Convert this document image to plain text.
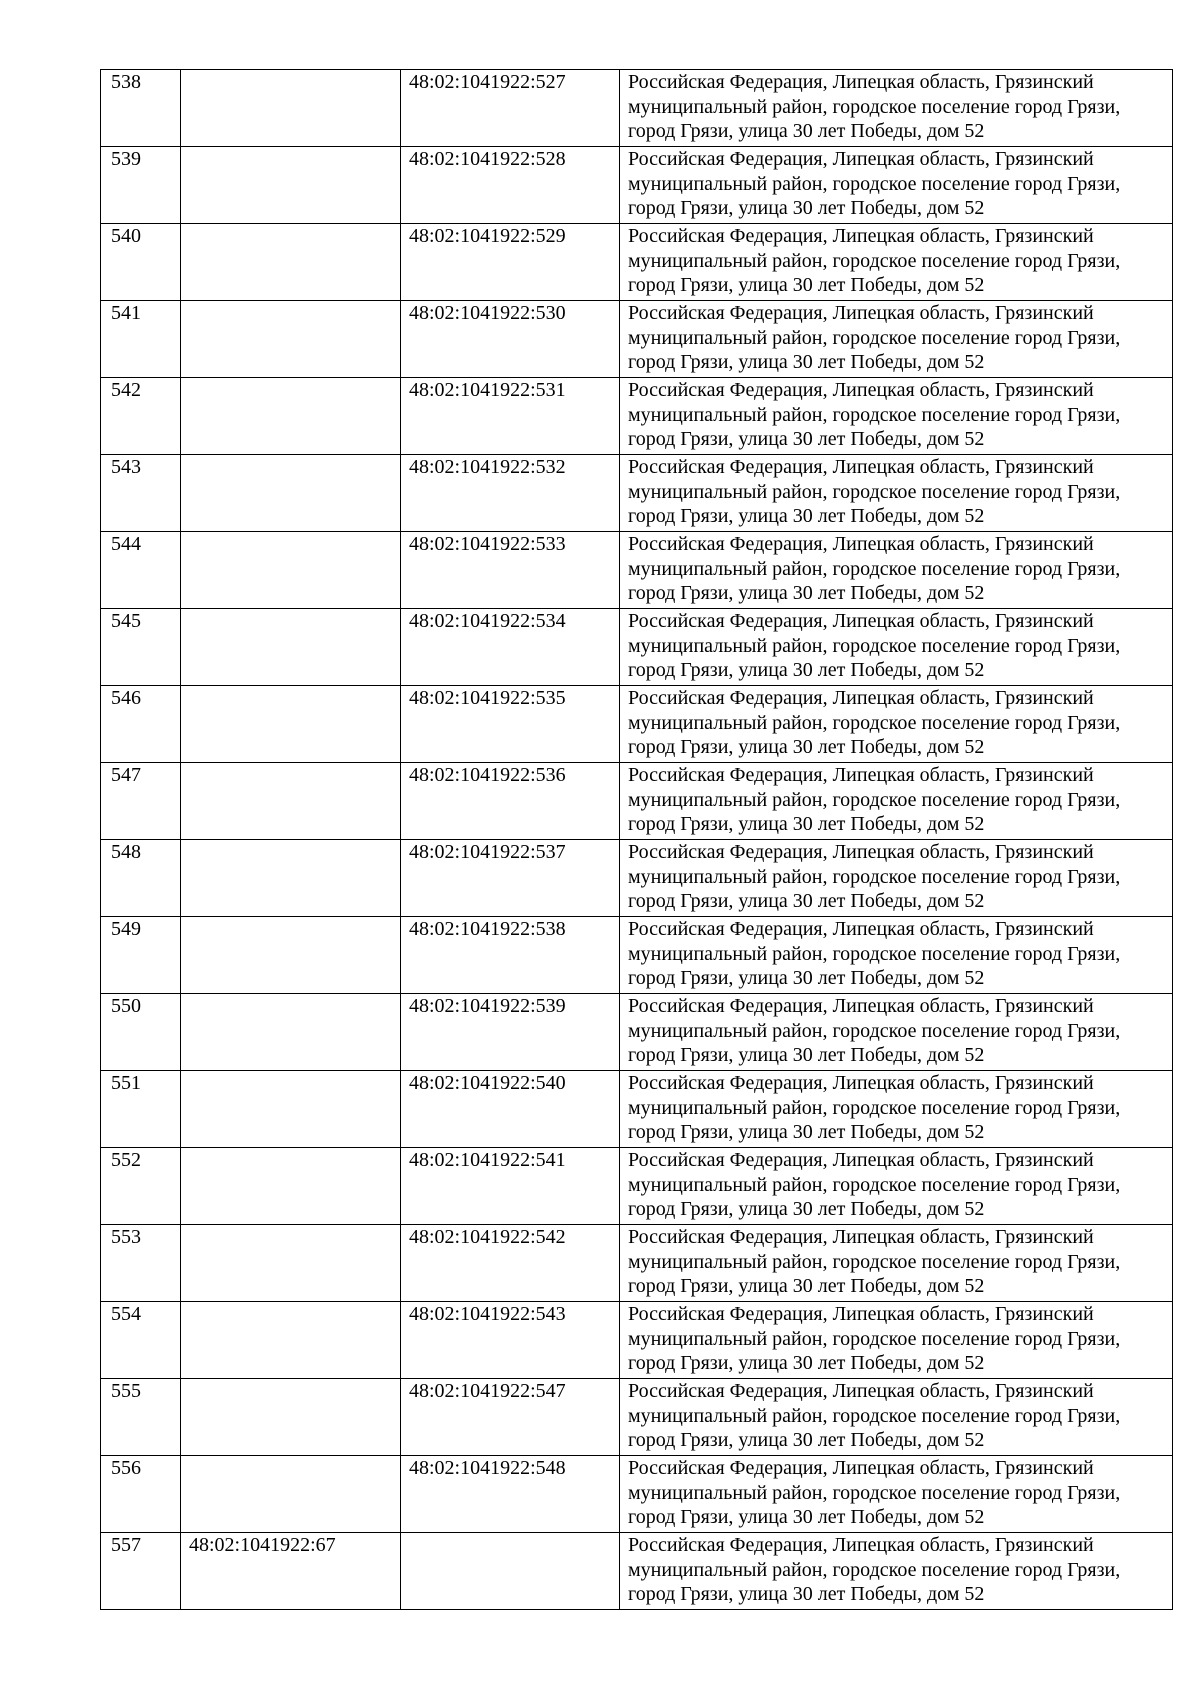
538		48:02:1041922:527	Российская Федерация, Липецкая область, Грязинский муниципальный район, городское поселение город Грязи, город Грязи, улица 30 лет Победы, дом 52
539		48:02:1041922:528	Российская Федерация, Липецкая область, Грязинский муниципальный район, городское поселение город Грязи, город Грязи, улица 30 лет Победы, дом 52
540		48:02:1041922:529	Российская Федерация, Липецкая область, Грязинский муниципальный район, городское поселение город Грязи, город Грязи, улица 30 лет Победы, дом 52
541		48:02:1041922:530	Российская Федерация, Липецкая область, Грязинский муниципальный район, городское поселение город Грязи, город Грязи, улица 30 лет Победы, дом 52
542		48:02:1041922:531	Российская Федерация, Липецкая область, Грязинский муниципальный район, городское поселение город Грязи, город Грязи, улица 30 лет Победы, дом 52
543		48:02:1041922:532	Российская Федерация, Липецкая область, Грязинский муниципальный район, городское поселение город Грязи, город Грязи, улица 30 лет Победы, дом 52
544		48:02:1041922:533	Российская Федерация, Липецкая область, Грязинский муниципальный район, городское поселение город Грязи, город Грязи, улица 30 лет Победы, дом 52
545		48:02:1041922:534	Российская Федерация, Липецкая область, Грязинский муниципальный район, городское поселение город Грязи, город Грязи, улица 30 лет Победы, дом 52
546		48:02:1041922:535	Российская Федерация, Липецкая область, Грязинский муниципальный район, городское поселение город Грязи, город Грязи, улица 30 лет Победы, дом 52
547		48:02:1041922:536	Российская Федерация, Липецкая область, Грязинский муниципальный район, городское поселение город Грязи, город Грязи, улица 30 лет Победы, дом 52
548		48:02:1041922:537	Российская Федерация, Липецкая область, Грязинский муниципальный район, городское поселение город Грязи, город Грязи, улица 30 лет Победы, дом 52
549		48:02:1041922:538	Российская Федерация, Липецкая область, Грязинский муниципальный район, городское поселение город Грязи, город Грязи, улица 30 лет Победы, дом 52
550		48:02:1041922:539	Российская Федерация, Липецкая область, Грязинский муниципальный район, городское поселение город Грязи, город Грязи, улица 30 лет Победы, дом 52
551		48:02:1041922:540	Российская Федерация, Липецкая область, Грязинский муниципальный район, городское поселение город Грязи, город Грязи, улица 30 лет Победы, дом 52
552		48:02:1041922:541	Российская Федерация, Липецкая область, Грязинский муниципальный район, городское поселение город Грязи, город Грязи, улица 30 лет Победы, дом 52
553		48:02:1041922:542	Российская Федерация, Липецкая область, Грязинский муниципальный район, городское поселение город Грязи, город Грязи, улица 30 лет Победы, дом 52
554		48:02:1041922:543	Российская Федерация, Липецкая область, Грязинский муниципальный район, городское поселение город Грязи, город Грязи, улица 30 лет Победы, дом 52
555		48:02:1041922:547	Российская Федерация, Липецкая область, Грязинский муниципальный район, городское поселение город Грязи, город Грязи, улица 30 лет Победы, дом 52
556		48:02:1041922:548	Российская Федерация, Липецкая область, Грязинский муниципальный район, городское поселение город Грязи, город Грязи, улица 30 лет Победы, дом 52
557	48:02:1041922:67		Российская Федерация, Липецкая область, Грязинский муниципальный район, городское поселение город Грязи, город Грязи, улица 30 лет Победы, дом 52
